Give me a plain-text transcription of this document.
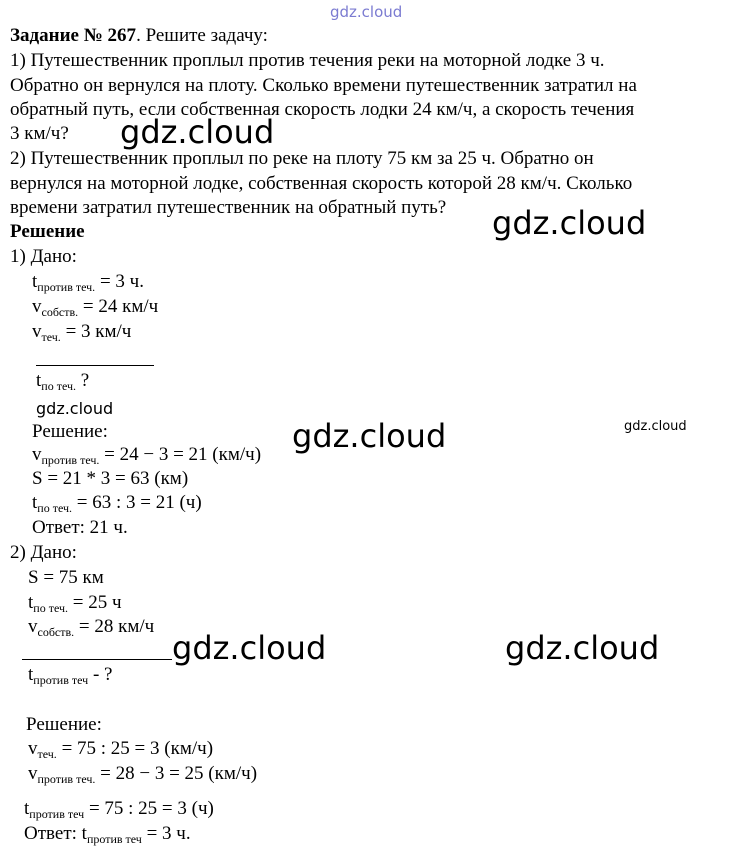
gdz.cloud
Задание № 267. Решите задачу:
1) Путешественник проплыл против течения реки на моторной лодке 3 ч.
Обратно он вернулся на плоту. Сколько времени путешественник затратил на
обратный путь, если собственная скорость лодки 24 км/ч, а скорость течения
3 км/ч?
2) Путешественник проплыл по реке на плоту 75 км за 25 ч. Обратно он
вернулся на моторной лодке, собственная скорость которой 28 км/ч. Сколько
времени затратил путешественник на обратный путь?
Решение
1) Дано:
$t_{против теч.} = 3$ ч.
$v_{собств.} = 24$ км/ч
$v_{теч.} = 3$ км/ч
$t_{по теч.}$ ?
gdz.cloud
Решение:
$v_{против теч.} = 24 - 3 = 21$ (км/ч)
S = 21 * 3 = 63 (км)
$t_{по теч.} = 63$ : 3 = 21 (ч)
Ответ: 21 ч.
2) Дано:
S = 75 км
$t_{по теч.} = 25$ ч
$v_{собств.} = 28$ км/ч
$t_{против теч}$ - ?
Решение:
$v_{теч.} = 75$ : 25 = 3 (км/ч)
$v_{против теч.} = 28 - 3 = 25$ (км/ч)
$t_{против теч} = 75$ : 25 = 3 (ч)
Ответ: $t_{против теч} = 3$ ч.
gdz.cloud
gdz.cloud
gdz.cloud	gdz.cloud
gdz.cloud	gdz.cloud
